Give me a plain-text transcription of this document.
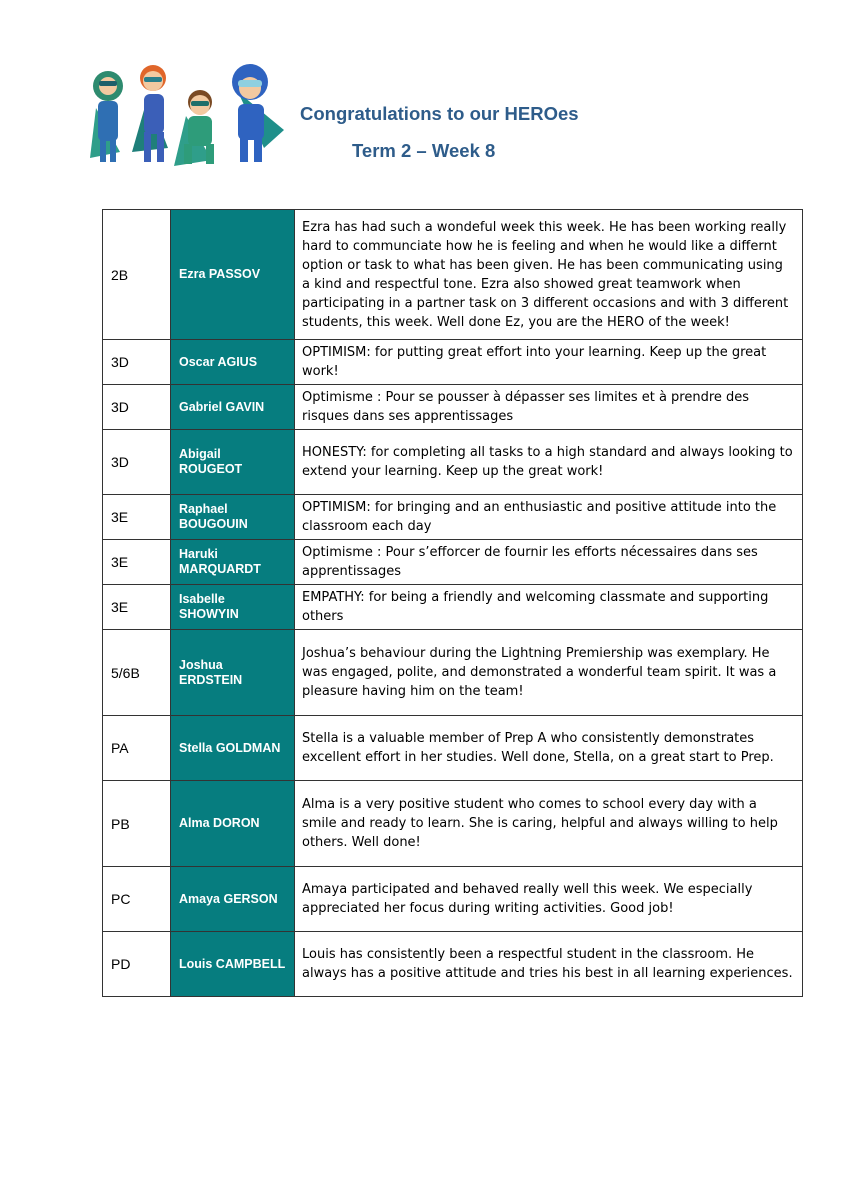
Congratulations to our HEROes
Term 2 – Week 8
2B	Ezra PASSOV	Ezra has had such a wondeful week this week. He has been working really hard to communciate how he is feeling and when he would like a differnt option or task to what has been given. He has been communicating using a kind and respectful tone. Ezra also showed great teamwork when participating in a partner task on 3 different occasions and with 3 different students, this week. Well done Ez, you are the HERO of the week!
3D	Oscar AGIUS	OPTIMISM: for putting great effort into your learning. Keep up the great work!
3D	Gabriel GAVIN	Optimisme : Pour se pousser à dépasser ses limites et à prendre des risques dans ses apprentissages
3D	Abigail ROUGEOT	HONESTY: for completing all tasks to a high standard and always looking to extend your learning. Keep up the great work!
3E	Raphael BOUGOUIN	OPTIMISM: for bringing and an enthusiastic and positive attitude into the classroom each day
3E	Haruki MARQUARDT	Optimisme : Pour s’efforcer de fournir les efforts nécessaires dans ses apprentissages
3E	Isabelle SHOWYIN	EMPATHY: for being a friendly and welcoming classmate and supporting others
5/6B	Joshua ERDSTEIN	Joshua’s behaviour during the Lightning Premiership was exemplary. He was engaged, polite, and demonstrated a wonderful team spirit. It was a pleasure having him on the team!
PA	Stella GOLDMAN	Stella is a valuable member of Prep A who consistently demonstrates excellent effort in her studies. Well done, Stella, on a great start to Prep.
PB	Alma DORON	Alma is a very positive student who comes to school every day with a smile and ready to learn. She is caring, helpful and always willing to help others. Well done!
PC	Amaya GERSON	Amaya participated and behaved really well this week. We especially appreciated her focus during writing activities. Good job!
PD	Louis CAMPBELL	Louis has consistently been a respectful student in the classroom. He always has a positive attitude and tries his best in all learning experiences.
